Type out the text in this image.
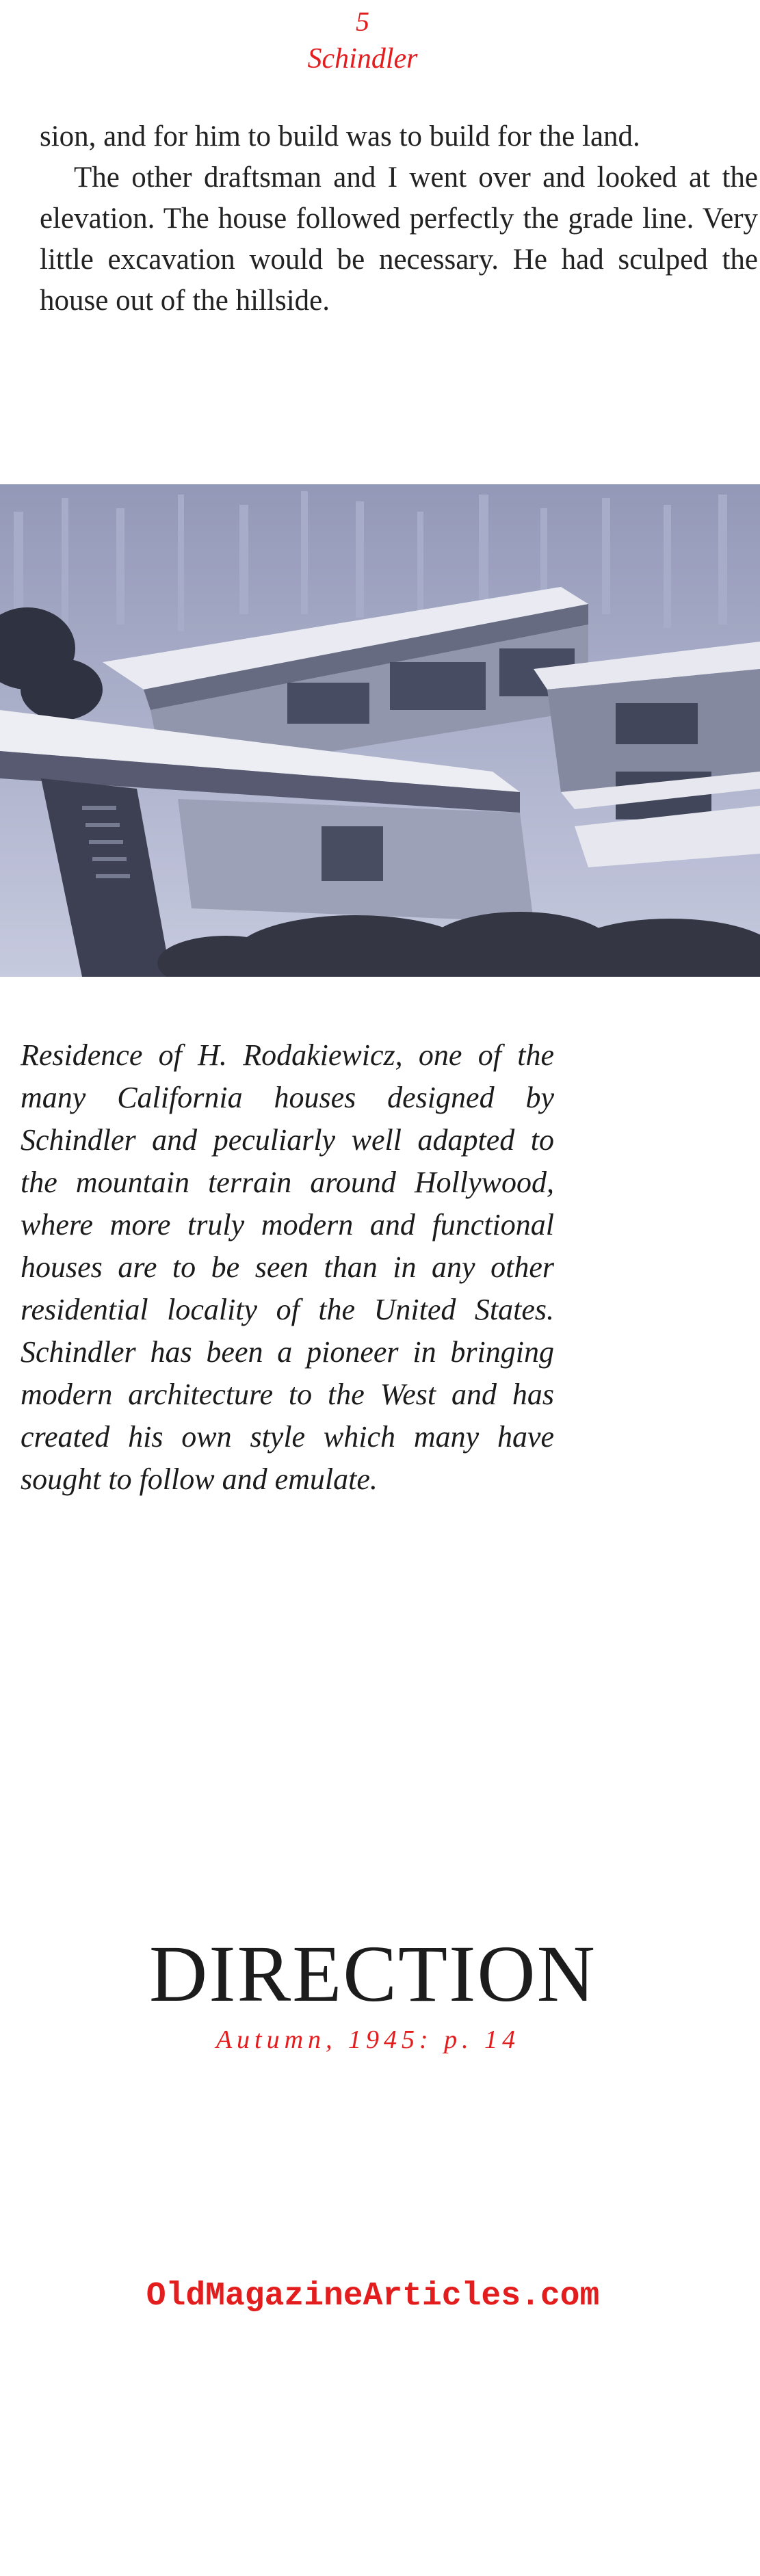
5
Schindler

sion, and for him to build was to build for the land.

The other draftsman and I went over and looked at the elevation. The house followed perfectly the grade line. Very little excavation would be necessary. He had sculped the house out of the hillside.

Residence of H. Rodakiewicz, one of the many California houses designed by Schindler and peculiarly well adapted to the mountain terrain around Hollywood, where more truly modern and functional houses are to be seen than in any other residential locality of the United States. Schindler has been a pioneer in bringing modern architecture to the West and has created his own style which many have sought to follow and emulate.

DIRECTION
Autumn, 1945: p. 14
OldMagazineArticles.com
